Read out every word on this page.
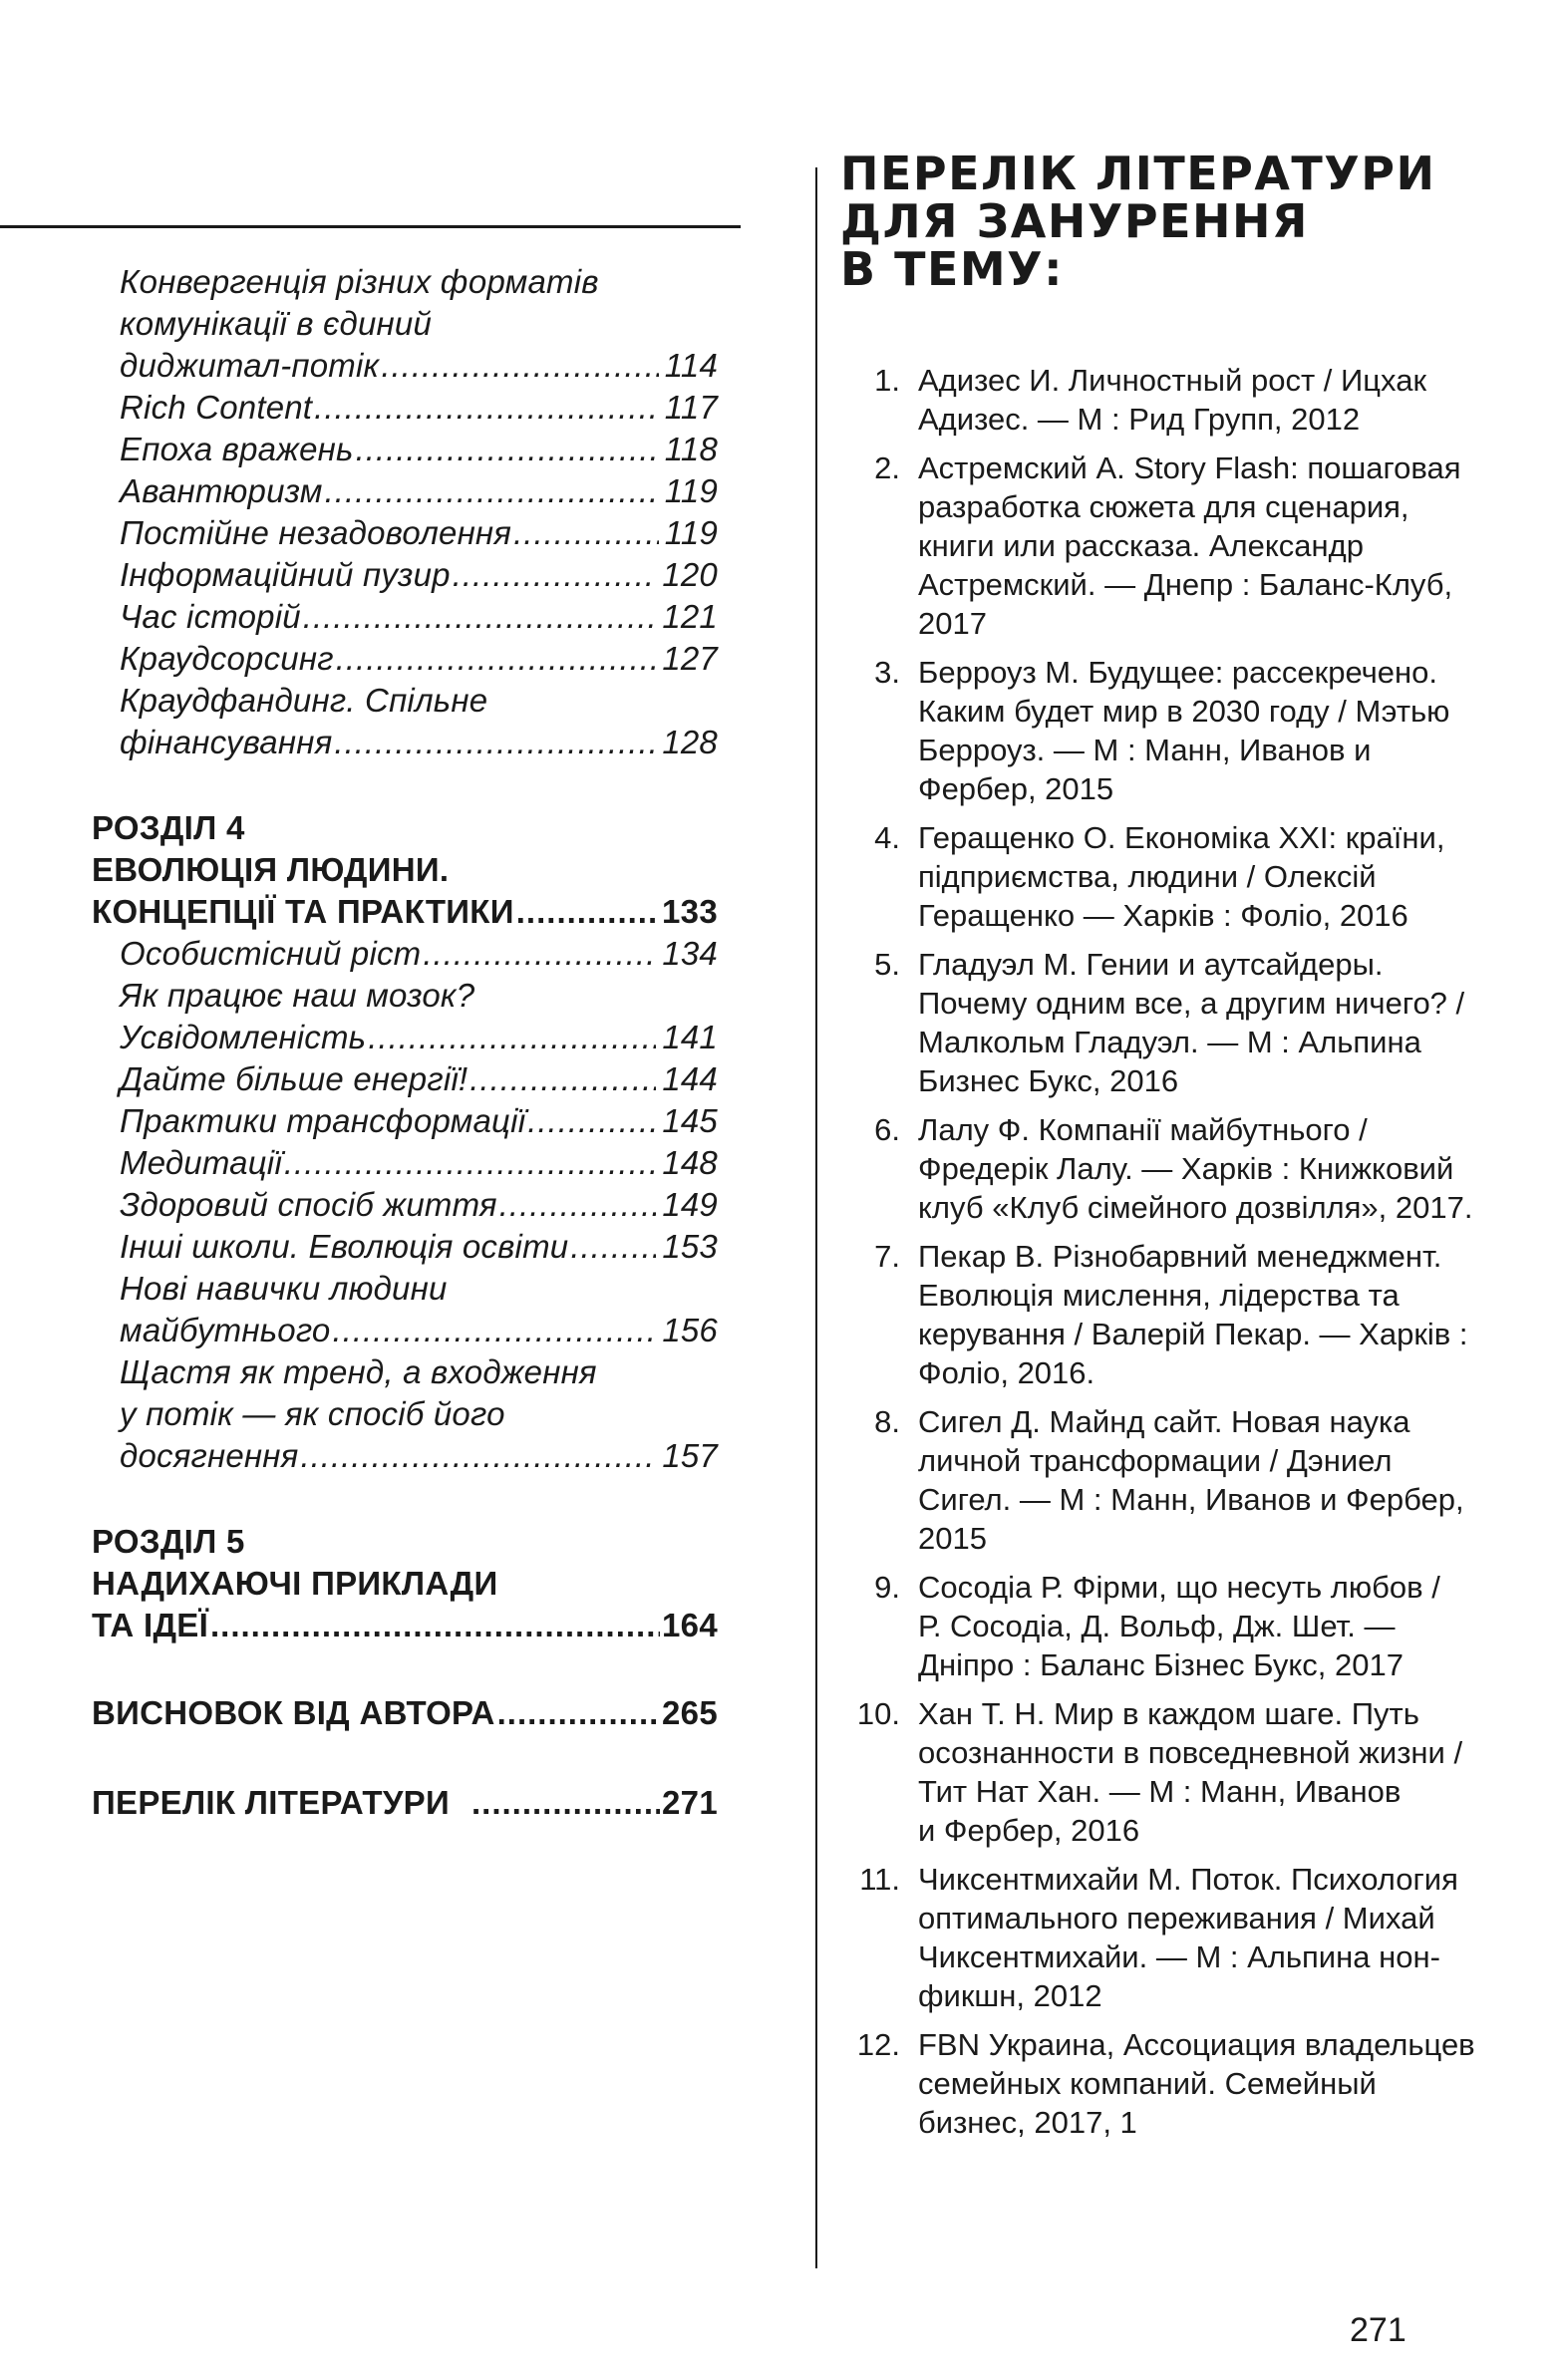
Конвергенція різних форматів
комунікації в єдиний
диджитал-потік .....	114
Rich Content .....	117
Епоха вражень .....	118
Авантюризм .....	119
Постійне незадоволення .....	119
Інформаційний пузир .....	120
Час історій .....	121
Краудсорсинг .....	127
Краудфандинг. Спільне
фінансування .....	128
РОЗДІЛ 4
ЕВОЛЮЦІЯ ЛЮДИНИ.
КОНЦЕПЦІЇ ТА ПРАКТИКИ .....	133
Особистісний ріст .....	134
Як працює наш мозок?
Усвідомленість .....	141
Дайте більше енергії! .....	144
Практики трансформації .....	145
Медитації .....	148
Здоровий спосіб життя .....	149
Інші школи. Еволюція освіти .....	153
Нові навички людини
майбутнього .....	156
Щастя як тренд, а входження
у потік — як спосіб його
досягнення .....	157
РОЗДІЛ 5
НАДИХАЮЧІ ПРИКЛАДИ
ТА ІДЕЇ .....	164
ВИСНОВОК ВІД АВТОРА .....	265
ПЕРЕЛІК ЛІТЕРАТУРИ .....	271
ПЕРЕЛІК ЛІТЕРАТУРИ
ДЛЯ ЗАНУРЕННЯ
В ТЕМУ:
1. Адизес И. Личностный рост / Ицхак
Адизес. — М : Рид Групп, 2012
2. Астремский А. Story Flash: пошаговая
разработка сюжета для сценария,
книги или рассказа. Александр
Астремский. — Днепр : Баланс-Клуб,
2017
3. Берроуз М. Будущее: рассекречено.
Каким будет мир в 2030 году / Мэтью
Берроуз. — М : Манн, Иванов и
Фербер, 2015
4. Геращенко О. Економіка XXI: країни,
підприємства, людини / Олексій
Геращенко — Харків : Фоліо, 2016
5. Гладуэл М. Гении и аутсайдеры.
Почему одним все, а другим ничего? /
Малкольм Гладуэл. — М : Альпина
Бизнес Букс, 2016
6. Лалу Ф. Компанії майбутнього /
Фредерік Лалу. — Харків : Книжковий
клуб «Клуб сімейного дозвілля», 2017.
7. Пекар В. Різнобарвний менеджмент.
Еволюція мислення, лідерства та
керування / Валерій Пекар. — Харків :
Фоліо, 2016.
8. Сигел Д. Майнд сайт. Новая наука
личной трансформации / Дэниел
Сигел. — М : Манн, Иванов и Фербер,
2015
9. Сосодіа Р. Фірми, що несуть любов /
Р. Сосодіа, Д. Вольф, Дж. Шет. —
Дніпро : Баланс Бізнес Букс, 2017
10. Хан Т. Н. Мир в каждом шаге. Путь
осознанности в повседневной жизни /
Тит Нат Хан. — М : Манн, Иванов
и Фербер, 2016
11. Чиксентмихайи М. Поток. Психология
оптимального переживания / Михай
Чиксентмихайи. — М : Альпина нон-
фикшн, 2012
12. FBN Украина, Ассоциация владельцев
семейных компаний. Семейный
бизнес, 2017, 1
271
